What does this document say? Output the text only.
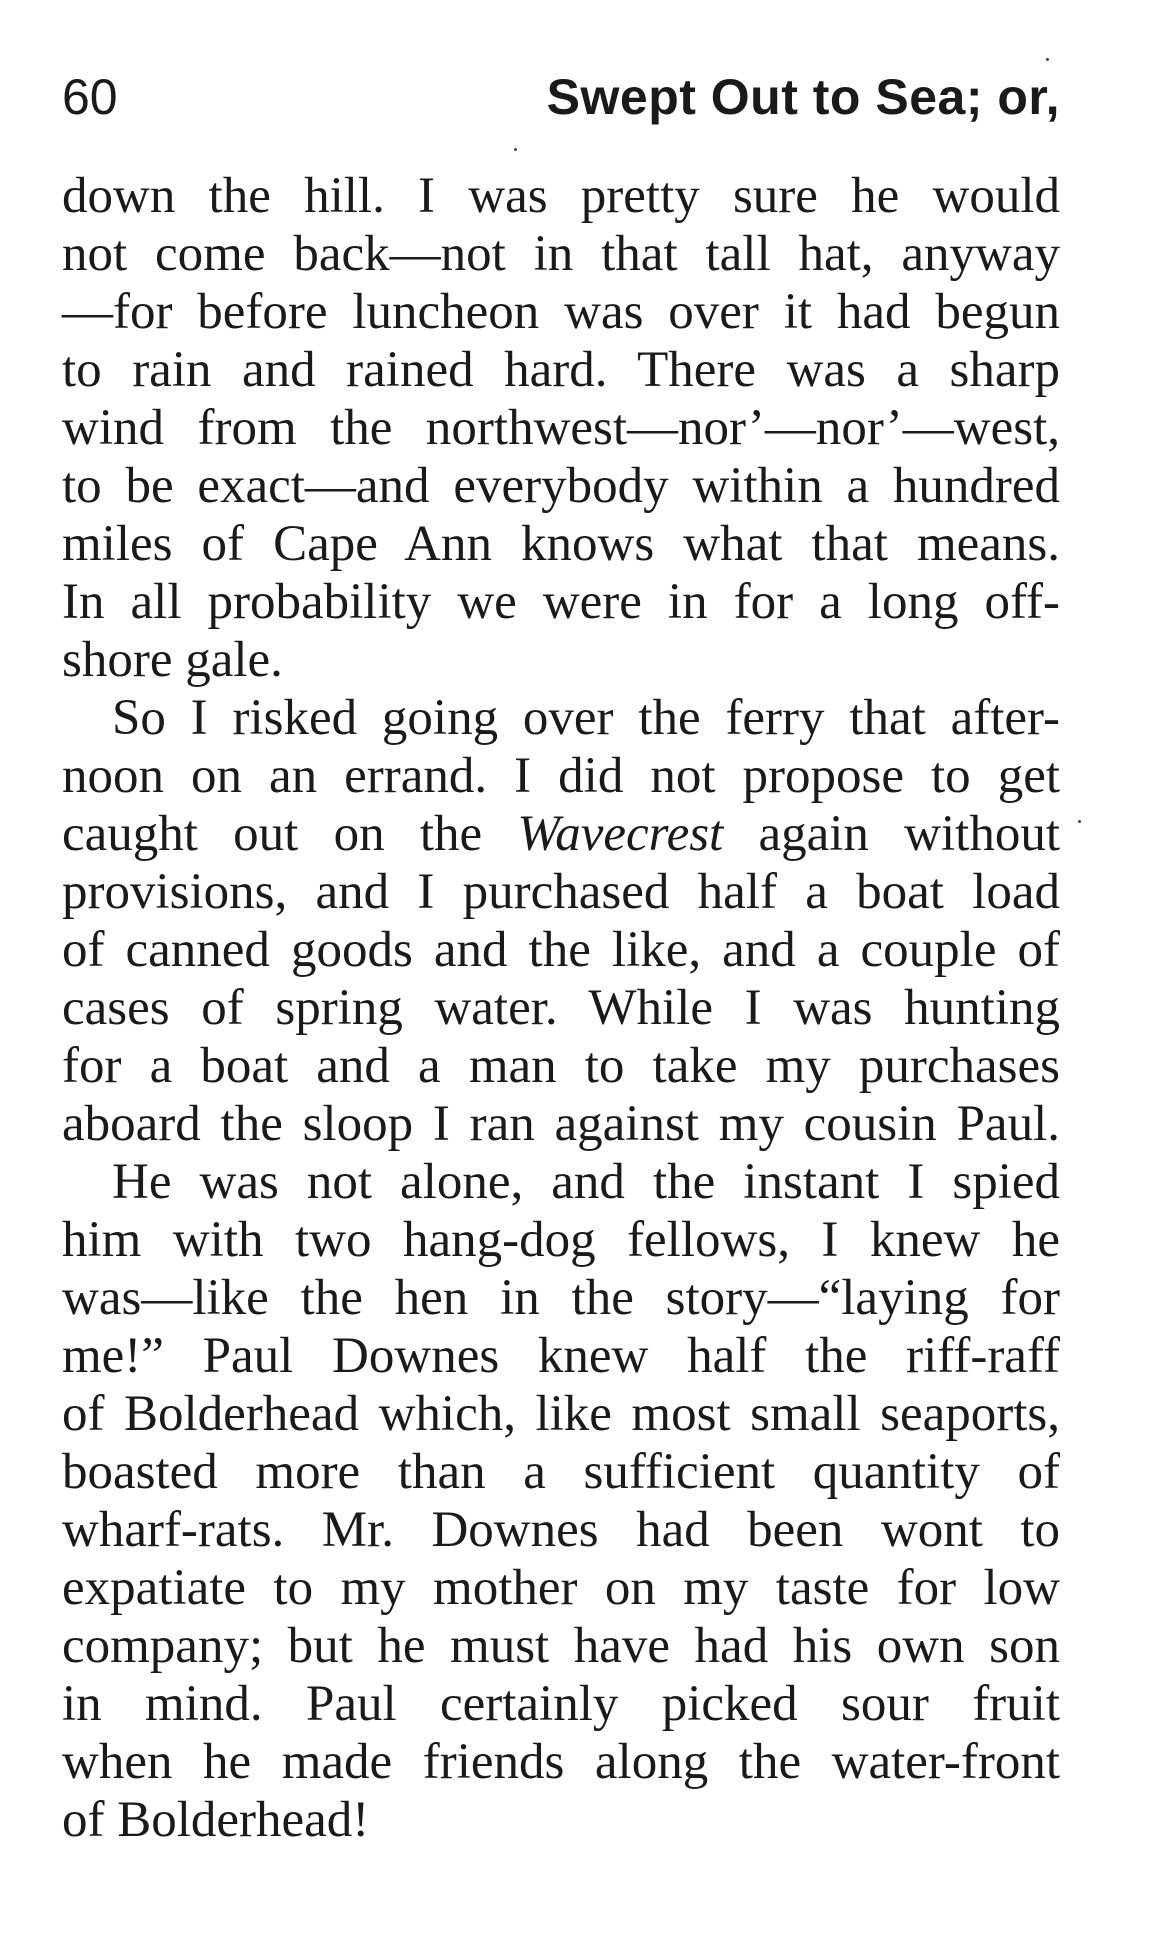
60	Swept Out to Sea; or,
down the hill. I was pretty sure he would
not come back—not in that tall hat, anyway
—for before luncheon was over it had begun
to rain and rained hard. There was a sharp
wind from the northwest—nor’—nor’—west,
to be exact—and everybody within a hundred
miles of Cape Ann knows what that means.
In all probability we were in for a long off-
shore gale.
So I risked going over the ferry that after-
noon on an errand. I did not propose to get
caught out on the Wavecrest again without
provisions, and I purchased half a boat load
of canned goods and the like, and a couple of
cases of spring water. While I was hunting
for a boat and a man to take my purchases
aboard the sloop I ran against my cousin Paul.
He was not alone, and the instant I spied
him with two hang-dog fellows, I knew he
was—like the hen in the story—“laying for
me!” Paul Downes knew half the riff-raff
of Bolderhead which, like most small seaports,
boasted more than a sufficient quantity of
wharf-rats. Mr. Downes had been wont to
expatiate to my mother on my taste for low
company; but he must have had his own son
in mind. Paul certainly picked sour fruit
when he made friends along the water-front
of Bolderhead!
